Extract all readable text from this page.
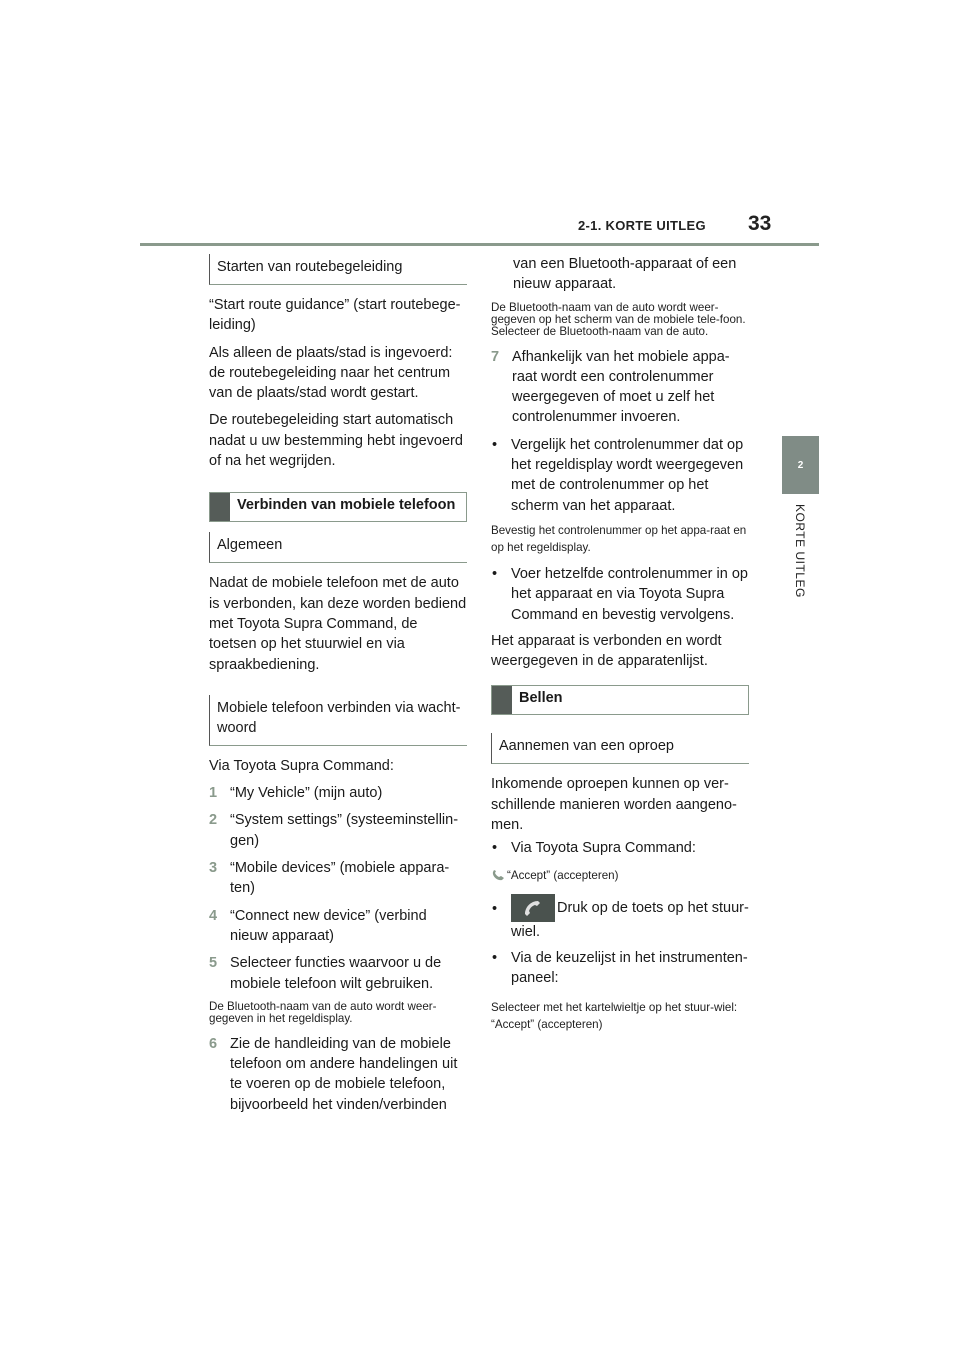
2-1. KORTE UITLEG 33
2
KORTE UITLEG
Starten van routebegeleiding

“Start route guidance” (start routebege-leiding)

Als alleen de plaats/stad is ingevoerd: de routebegeleiding naar het centrum van de plaats/stad wordt gestart.

De routebegeleiding start automatisch nadat u uw bestemming hebt ingevoerd of na het wegrijden.

Verbinden van mobiele telefoon
Algemeen

Nadat de mobiele telefoon met de auto is verbonden, kan deze worden bediend met Toyota Supra Command, de toetsen op het stuurwiel en via spraakbediening.

Mobiele telefoon verbinden via wacht-woord

Via Toyota Supra Command:

1 “My Vehicle” (mijn auto)
2 “System settings” (systeeminstellin-gen)
3 “Mobile devices” (mobiele appara-ten)
4 “Connect new device” (verbind nieuw apparaat)
5 Selecteer functies waarvoor u de mobiele telefoon wilt gebruiken.

De Bluetooth-naam van de auto wordt weer-gegeven in het regeldisplay.

6 Zie de handleiding van de mobiele telefoon om andere handelingen uit te voeren op de mobiele telefoon, bijvoorbeeld het vinden/verbinden

van een Bluetooth-apparaat of een nieuw apparaat.

De Bluetooth-naam van de auto wordt weer-gegeven op het scherm van de mobiele tele-foon. Selecteer de Bluetooth-naam van de auto.

7 Afhankelijk van het mobiele appa-raat wordt een controlenummer weergegeven of moet u zelf het controlenummer invoeren.
• Vergelijk het controlenummer dat op het regeldisplay wordt weergegeven met de controlenummer op het scherm van het apparaat.

Bevestig het controlenummer op het appa-raat en op het regeldisplay.

• Voer hetzelfde controlenummer in op het apparaat en via Toyota Supra Command en bevestig vervolgens.

Het apparaat is verbonden en wordt weergegeven in de apparatenlijst.

Bellen
Aannemen van een oproep

Inkomende oproepen kunnen op ver-schillende manieren worden aangeno-men.

• Via Toyota Supra Command:

“Accept” (accepteren)

•	Druk op de toets op het stuur-wiel.
• Via de keuzelijst in het instrumenten-paneel:

Selecteer met het kartelwieltje op het stuur-wiel: “Accept” (accepteren)
